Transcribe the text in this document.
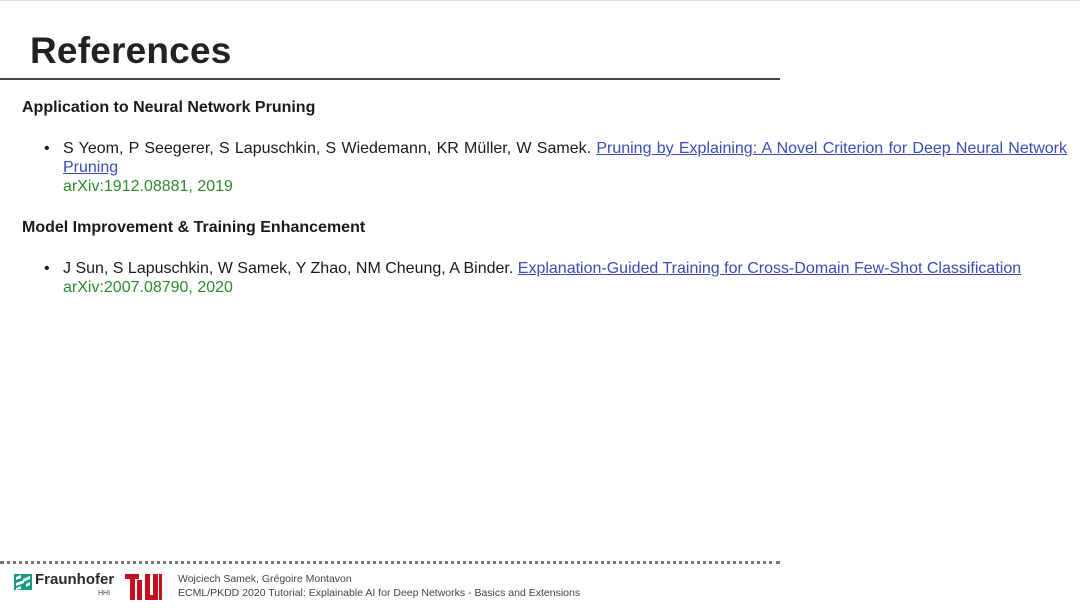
References
Application to Neural Network Pruning
• S Yeom, P Seegerer, S Lapuschkin, S Wiedemann, KR Müller, W Samek. Pruning by Explaining: A Novel Criterion for Deep Neural Network Pruning
arXiv:1912.08881, 2019
Model Improvement & Training Enhancement
• J Sun, S Lapuschkin, W Samek, Y Zhao, NM Cheung, A Binder. Explanation-Guided Training for Cross-Domain Few-Shot Classification
arXiv:2007.08790, 2020
Fraunhofer
HHI
Wojciech Samek, Grégoire Montavon
ECML/PKDD 2020 Tutorial: Explainable AI for Deep Networks - Basics and Extensions
